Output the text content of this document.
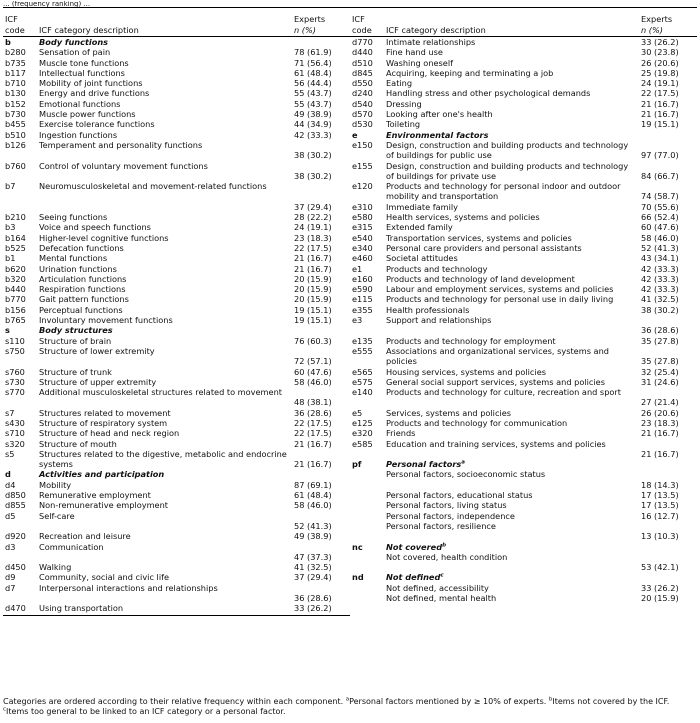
... (frequency ranking) ...
ICF
code	ICF category description	Experts
n (%)
b	Body functions	
b280	Sensation of pain	78 (61.9)
b735	Muscle tone functions	71 (56.4)
b117	Intellectual functions	61 (48.4)
b710	Mobility of joint functions	56 (44.4)
b130	Energy and drive functions	55 (43.7)
b152	Emotional functions	55 (43.7)
b730	Muscle power functions	49 (38.9)
b455	Exercise tolerance functions	44 (34.9)
b510	Ingestion functions	42 (33.3)
b126	Temperament and personality functions	38 (30.2)
b760	Control of voluntary movement functions	38 (30.2)
b7	Neuromusculoskeletal and movement-related functions	37 (29.4)
b210	Seeing functions	28 (22.2)
b3	Voice and speech functions	24 (19.1)
b164	Higher-level cognitive functions	23 (18.3)
b525	Defecation functions	22 (17.5)
b1	Mental functions	21 (16.7)
b620	Urination functions	21 (16.7)
b320	Articulation functions	20 (15.9)
b440	Respiration functions	20 (15.9)
b770	Gait pattern functions	20 (15.9)
b156	Perceptual functions	19 (15.1)
b765	Involuntary movement functions	19 (15.1)
s	Body structures	
s110	Structure of brain	76 (60.3)
s750	Structure of lower extremity	72 (57.1)
s760	Structure of trunk	60 (47.6)
s730	Structure of upper extremity	58 (46.0)
s770	Additional musculoskeletal structures related to movement	48 (38.1)
s7	Structures related to movement	36 (28.6)
s430	Structure of respiratory system	22 (17.5)
s710	Structure of head and neck region	22 (17.5)
s320	Structure of mouth	21 (16.7)
s5	Structures related to the digestive, metabolic and endocrine systems	21 (16.7)
d	Activities and participation	
d4	Mobility	87 (69.1)
d850	Remunerative employment	61 (48.4)
d855	Non-remunerative employment	58 (46.0)
d5	Self-care	52 (41.3)
d920	Recreation and leisure	49 (38.9)
d3	Communication	47 (37.3)
d450	Walking	41 (32.5)
d9	Community, social and civic life	37 (29.4)
d7	Interpersonal interactions and relationships	36 (28.6)
d470	Using transportation	33 (26.2)
ICF
code	ICF category description	Experts
n (%)
d770	Intimate relationships	33 (26.2)
d440	Fine hand use	30 (23.8)
d510	Washing oneself	26 (20.6)
d845	Acquiring, keeping and terminating a job	25 (19.8)
d550	Eating	24 (19.1)
d240	Handling stress and other psychological demands	22 (17.5)
d540	Dressing	21 (16.7)
d570	Looking after one's health	21 (16.7)
d530	Toileting	19 (15.1)
e	Environmental factors	
e150	Design, construction and building products and technology of buildings for public use	97 (77.0)
e155	Design, construction and building products and technology of buildings for private use	84 (66.7)
e120	Products and technology for personal indoor and outdoor mobility and transportation	74 (58.7)
e310	Immediate family	70 (55.6)
e580	Health services, systems and policies	66 (52.4)
e315	Extended family	60 (47.6)
e540	Transportation services, systems and policies	58 (46.0)
e340	Personal care providers and personal assistants	52 (41.3)
e460	Societal attitudes	43 (34.1)
e1	Products and technology	42 (33.3)
e160	Products and technology of land development	42 (33.3)
e590	Labour and employment services, systems and policies	42 (33.3)
e115	Products and technology for personal use in daily living	41 (32.5)
e355	Health professionals	38 (30.2)
e3	Support and relationships	36 (28.6)
e135	Products and technology for employment	35 (27.8)
e555	Associations and organizational services, systems and policies	35 (27.8)
e565	Housing services, systems and policies	32 (25.4)
e575	General social support services, systems and policies	31 (24.6)
e140	Products and technology for culture, recreation and sport	27 (21.4)
e5	Services, systems and policies	26 (20.6)
e125	Products and technology for communication	23 (18.3)
e320	Friends	21 (16.7)
e585	Education and training services, systems and policies	21 (16.7)
pf	Personal factors$^a$	
	Personal factors, socioeconomic status	18 (14.3)
	Personal factors, educational status	17 (13.5)
	Personal factors, living status	17 (13.5)
	Personal factors, independence	16 (12.7)
	Personal factors, resilience	13 (10.3)
nc	Not covered$^b$	
	Not covered, health condition	53 (42.1)
nd	Not defined$^c$	
	Not defined, accessibility	33 (26.2)
	Not defined, mental health	20 (15.9)
Categories are ordered according to their relative frequency within each component. $^a$Personal factors mentioned by ≥ 10% of experts. $^b$Items not covered by the ICF.
$^c$Items too general to be linked to an ICF category or a personal factor.
